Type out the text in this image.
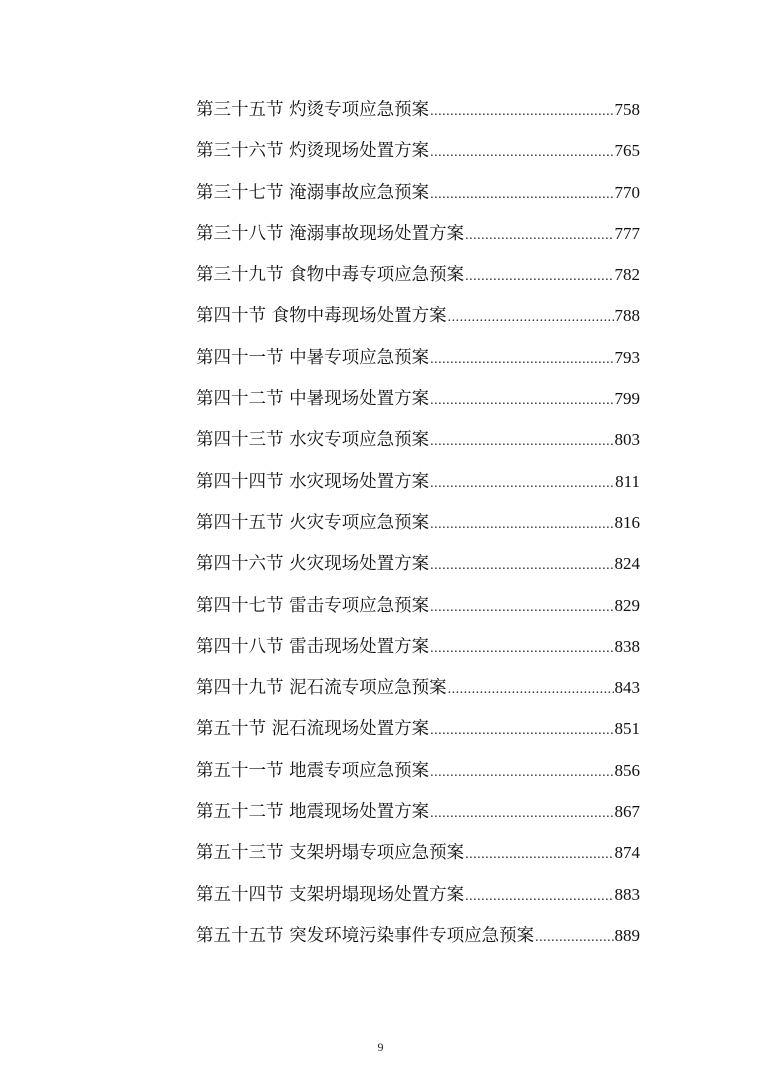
第三十五节 灼烫专项应急预案 .....	758
第三十六节 灼烫现场处置方案 .....	765
第三十七节 淹溺事故应急预案 .....	770
第三十八节 淹溺事故现场处置方案 .....	777
第三十九节 食物中毒专项应急预案 .....	782
第四十节 食物中毒现场处置方案 .....	788
第四十一节 中暑专项应急预案 .....	793
第四十二节 中暑现场处置方案 .....	799
第四十三节 水灾专项应急预案 .....	803
第四十四节 水灾现场处置方案 .....	811
第四十五节 火灾专项应急预案 .....	816
第四十六节 火灾现场处置方案 .....	824
第四十七节 雷击专项应急预案 .....	829
第四十八节 雷击现场处置方案 .....	838
第四十九节 泥石流专项应急预案 .....	843
第五十节 泥石流现场处置方案 .....	851
第五十一节 地震专项应急预案 .....	856
第五十二节 地震现场处置方案 .....	867
第五十三节 支架坍塌专项应急预案 .....	874
第五十四节 支架坍塌现场处置方案 .....	883
第五十五节 突发环境污染事件专项应急预案 .....	889
9
